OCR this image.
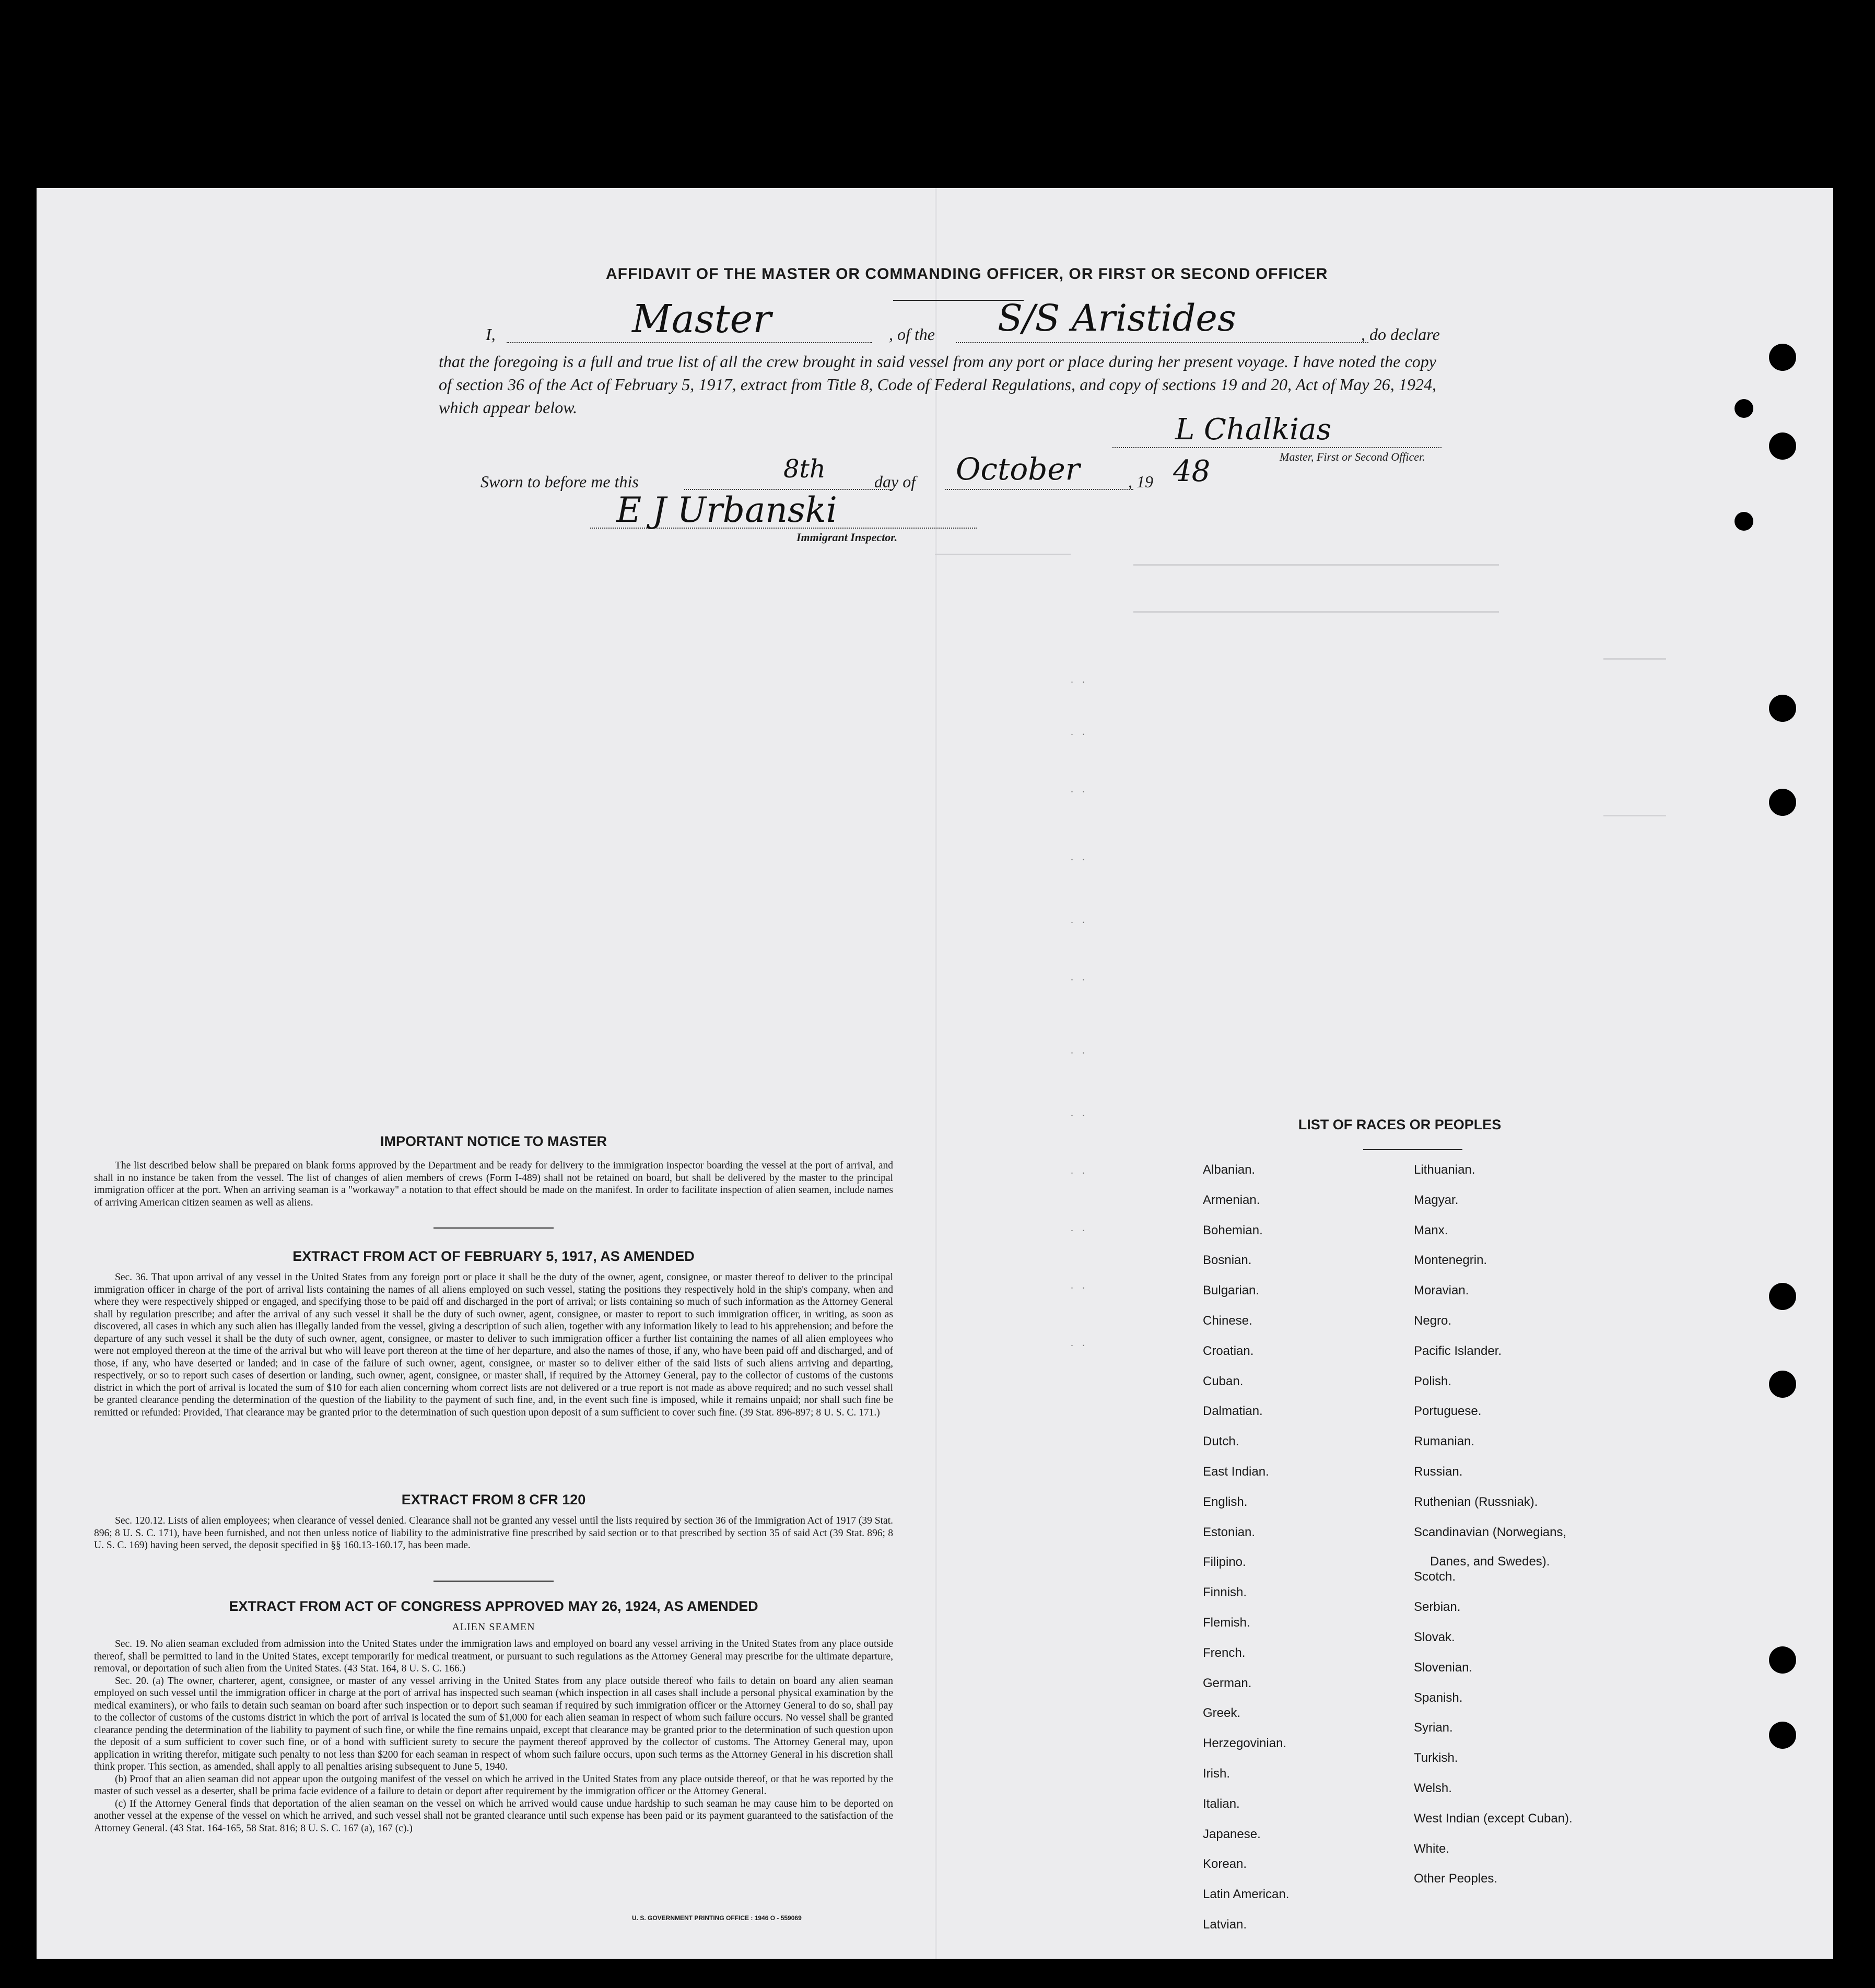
. .
. .
. .
. .
. .
. .
. .
. .
. .
. .
. .
. .
AFFIDAVIT OF THE MASTER OR COMMANDING OFFICER, OR FIRST OR SECOND OFFICER
I,	Master	, of the S/S Aristides	, do declare
that the foregoing is a full and true list of all the crew brought in said vessel from any port or place during her present voyage. I have noted the copy of section 36 of the Act of February 5, 1917, extract from Title 8, Code of Federal Regulations, and copy of sections 19 and 20, Act of May 26, 1924, which appear below.
L Chalkias
Master, First or Second Officer.
Sworn to before me this	8th	day of October	, 19 48
E J Urbanski
Immigrant Inspector.
IMPORTANT NOTICE TO MASTER
The list described below shall be prepared on blank forms approved by the Department and be ready for delivery to the immigration inspector boarding the vessel at the port of arrival, and shall in no instance be taken from the vessel. The list of changes of alien members of crews (Form I-489) shall not be retained on board, but shall be delivered by the master to the principal immigration officer at the port. When an arriving seaman is a "workaway" a notation to that effect should be made on the manifest. In order to facilitate inspection of alien seamen, include names of arriving American citizen seamen as well as aliens.
EXTRACT FROM ACT OF FEBRUARY 5, 1917, AS AMENDED
Sec. 36. That upon arrival of any vessel in the United States from any foreign port or place it shall be the duty of the owner, agent, consignee, or master thereof to deliver to the principal immigration officer in charge of the port of arrival lists containing the names of all aliens employed on such vessel, stating the positions they respectively hold in the ship's company, when and where they were respectively shipped or engaged, and specifying those to be paid off and discharged in the port of arrival; or lists containing so much of such information as the Attorney General shall by regulation prescribe; and after the arrival of any such vessel it shall be the duty of such owner, agent, consignee, or master to report to such immigration officer, in writing, as soon as discovered, all cases in which any such alien has illegally landed from the vessel, giving a description of such alien, together with any information likely to lead to his apprehension; and before the departure of any such vessel it shall be the duty of such owner, agent, consignee, or master to deliver to such immigration officer a further list containing the names of all alien employees who were not employed thereon at the time of the arrival but who will leave port thereon at the time of her departure, and also the names of those, if any, who have been paid off and discharged, and of those, if any, who have deserted or landed; and in case of the failure of such owner, agent, consignee, or master so to deliver either of the said lists of such aliens arriving and departing, respectively, or so to report such cases of desertion or landing, such owner, agent, consignee, or master shall, if required by the Attorney General, pay to the collector of customs of the customs district in which the port of arrival is located the sum of $10 for each alien concerning whom correct lists are not delivered or a true report is not made as above required; and no such vessel shall be granted clearance pending the determination of the question of the liability to the payment of such fine, and, in the event such fine is imposed, while it remains unpaid; nor shall such fine be remitted or refunded: Provided, That clearance may be granted prior to the determination of such question upon deposit of a sum sufficient to cover such fine. (39 Stat. 896-897; 8 U. S. C. 171.)
EXTRACT FROM 8 CFR 120
Sec. 120.12. Lists of alien employees; when clearance of vessel denied. Clearance shall not be granted any vessel until the lists required by section 36 of the Immigration Act of 1917 (39 Stat. 896; 8 U. S. C. 171), have been furnished, and not then unless notice of liability to the administrative fine prescribed by said section or to that prescribed by section 35 of said Act (39 Stat. 896; 8 U. S. C. 169) having been served, the deposit specified in §§ 160.13-160.17, has been made.
EXTRACT FROM ACT OF CONGRESS APPROVED MAY 26, 1924, AS AMENDED
ALIEN SEAMEN
Sec. 19. No alien seaman excluded from admission into the United States under the immigration laws and employed on board any vessel arriving in the United States from any place outside thereof, shall be permitted to land in the United States, except temporarily for medical treatment, or pursuant to such regulations as the Attorney General may prescribe for the ultimate departure, removal, or deportation of such alien from the United States. (43 Stat. 164, 8 U. S. C. 166.)
Sec. 20. (a) The owner, charterer, agent, consignee, or master of any vessel arriving in the United States from any place outside thereof who fails to detain on board any alien seaman employed on such vessel until the immigration officer in charge at the port of arrival has inspected such seaman (which inspection in all cases shall include a personal physical examination by the medical examiners), or who fails to detain such seaman on board after such inspection or to deport such seaman if required by such immigration officer or the Attorney General to do so, shall pay to the collector of customs of the customs district in which the port of arrival is located the sum of $1,000 for each alien seaman in respect of whom such failure occurs. No vessel shall be granted clearance pending the determination of the liability to payment of such fine, or while the fine remains unpaid, except that clearance may be granted prior to the determination of such question upon the deposit of a sum sufficient to cover such fine, or of a bond with sufficient surety to secure the payment thereof approved by the collector of customs. The Attorney General may, upon application in writing therefor, mitigate such penalty to not less than $200 for each seaman in respect of whom such failure occurs, upon such terms as the Attorney General in his discretion shall think proper. This section, as amended, shall apply to all penalties arising subsequent to June 5, 1940.
(b) Proof that an alien seaman did not appear upon the outgoing manifest of the vessel on which he arrived in the United States from any place outside thereof, or that he was reported by the master of such vessel as a deserter, shall be prima facie evidence of a failure to detain or deport after requirement by the immigration officer or the Attorney General.
(c) If the Attorney General finds that deportation of the alien seaman on the vessel on which he arrived would cause undue hardship to such seaman he may cause him to be deported on another vessel at the expense of the vessel on which he arrived, and such vessel shall not be granted clearance until such expense has been paid or its payment guaranteed to the satisfaction of the Attorney General. (43 Stat. 164-165, 58 Stat. 816; 8 U. S. C. 167 (a), 167 (c).)
U. S. GOVERNMENT PRINTING OFFICE : 1946 O - 559069
LIST OF RACES OR PEOPLES
Albanian.
Armenian.
Bohemian.
Bosnian.
Bulgarian.
Chinese.
Croatian.
Cuban.
Dalmatian.
Dutch.
East Indian.
English.
Estonian.
Filipino.
Finnish.
Flemish.
French.
German.
Greek.
Herzegovinian.
Irish.
Italian.
Japanese.
Korean.
Latin American.
Latvian.
Lithuanian.
Magyar.
Manx.
Montenegrin.
Moravian.
Negro.
Pacific Islander.
Polish.
Portuguese.
Rumanian.
Russian.
Ruthenian (Russniak).
Scandinavian (Norwegians,
Danes, and Swedes).
Scotch.
Serbian.
Slovak.
Slovenian.
Spanish.
Syrian.
Turkish.
Welsh.
West Indian (except Cuban).
White.
Other Peoples.
